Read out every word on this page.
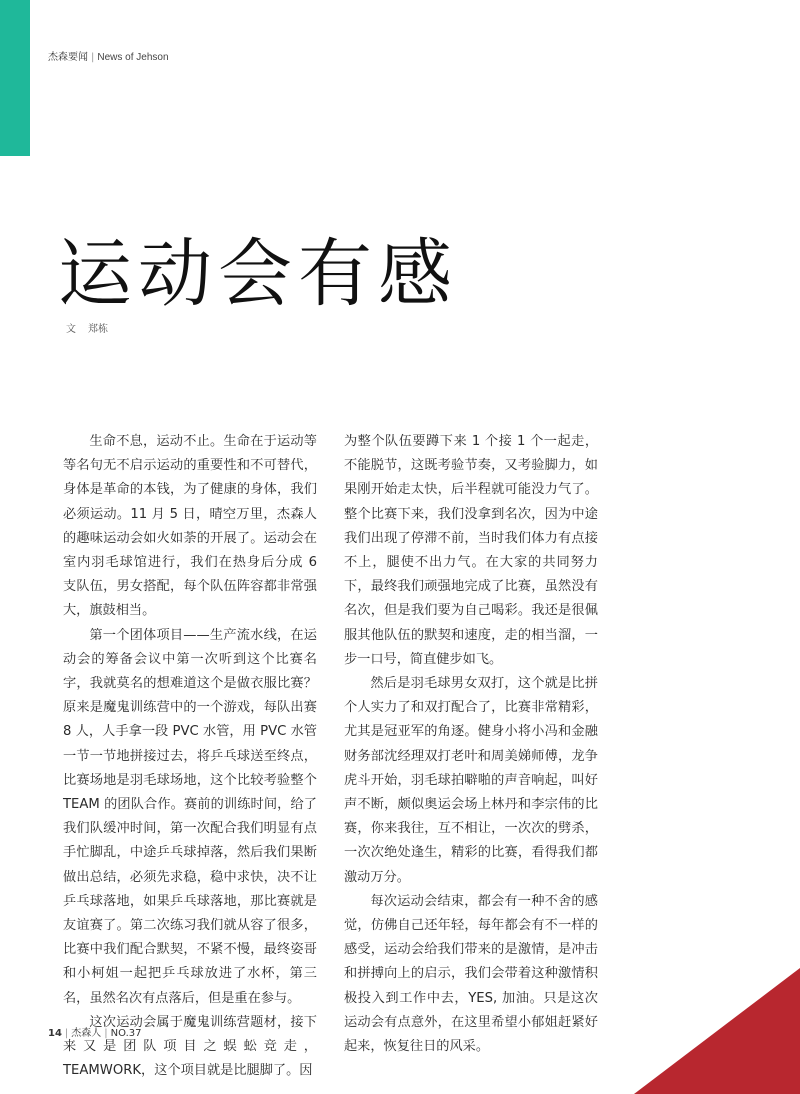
杰森要闻 | News of Jehson
运动会有感
文 郑栋

生命不息，运动不止。生命在于运动等等名句无不启示运动的重要性和不可替代，身体是革命的本钱，为了健康的身体，我们必须运动。11 月 5 日，晴空万里，杰森人的趣味运动会如火如荼的开展了。运动会在室内羽毛球馆进行，我们在热身后分成 6 支队伍，男女搭配，每个队伍阵容都非常强大，旗鼓相当。

第一个团体项目——生产流水线，在运动会的筹备会议中第一次听到这个比赛名字，我就莫名的想难道这个是做衣服比赛？原来是魔鬼训练营中的一个游戏，每队出赛 8 人，人手拿一段 PVC 水管，用 PVC 水管一节一节地拼接过去，将乒乓球送至终点，比赛场地是羽毛球场地，这个比较考验整个 TEAM 的团队合作。赛前的训练时间，给了我们队缓冲时间，第一次配合我们明显有点手忙脚乱，中途乒乓球掉落，然后我们果断做出总结，必须先求稳，稳中求快，决不让乒乓球落地，如果乒乓球落地，那比赛就是友谊赛了。第二次练习我们就从容了很多，比赛中我们配合默契，不紧不慢，最终姿哥和小柯姐一起把乒乓球放进了水杯，第三名，虽然名次有点落后，但是重在参与。

这次运动会属于魔鬼训练营题材，接下来又是团队项目之蜈蚣竞走，TEAMWORK，这个项目就是比腿脚了。因

为整个队伍要蹲下来 1 个接 1 个一起走，不能脱节，这既考验节奏，又考验脚力，如果刚开始走太快，后半程就可能没力气了。整个比赛下来，我们没拿到名次，因为中途我们出现了停滞不前，当时我们体力有点接不上，腿使不出力气。在大家的共同努力下，最终我们顽强地完成了比赛，虽然没有名次，但是我们要为自己喝彩。我还是很佩服其他队伍的默契和速度，走的相当溜，一步一口号，简直健步如飞。

然后是羽毛球男女双打，这个就是比拼个人实力了和双打配合了，比赛非常精彩，尤其是冠亚军的角逐。健身小将小冯和金融财务部沈经理双打老叶和周美娣师傅，龙争虎斗开始，羽毛球拍噼啪的声音响起，叫好声不断，颇似奥运会场上林丹和李宗伟的比赛，你来我往，互不相让，一次次的劈杀，一次次绝处逢生，精彩的比赛，看得我们都激动万分。

每次运动会结束，都会有一种不舍的感觉，仿佛自己还年轻，每年都会有不一样的感受，运动会给我们带来的是激情，是冲击和拼搏向上的启示，我们会带着这种激情积极投入到工作中去，YES, 加油。只是这次运动会有点意外，在这里希望小郁姐赶紧好起来，恢复往日的风采。

14 | 杰森人 | NO.37
